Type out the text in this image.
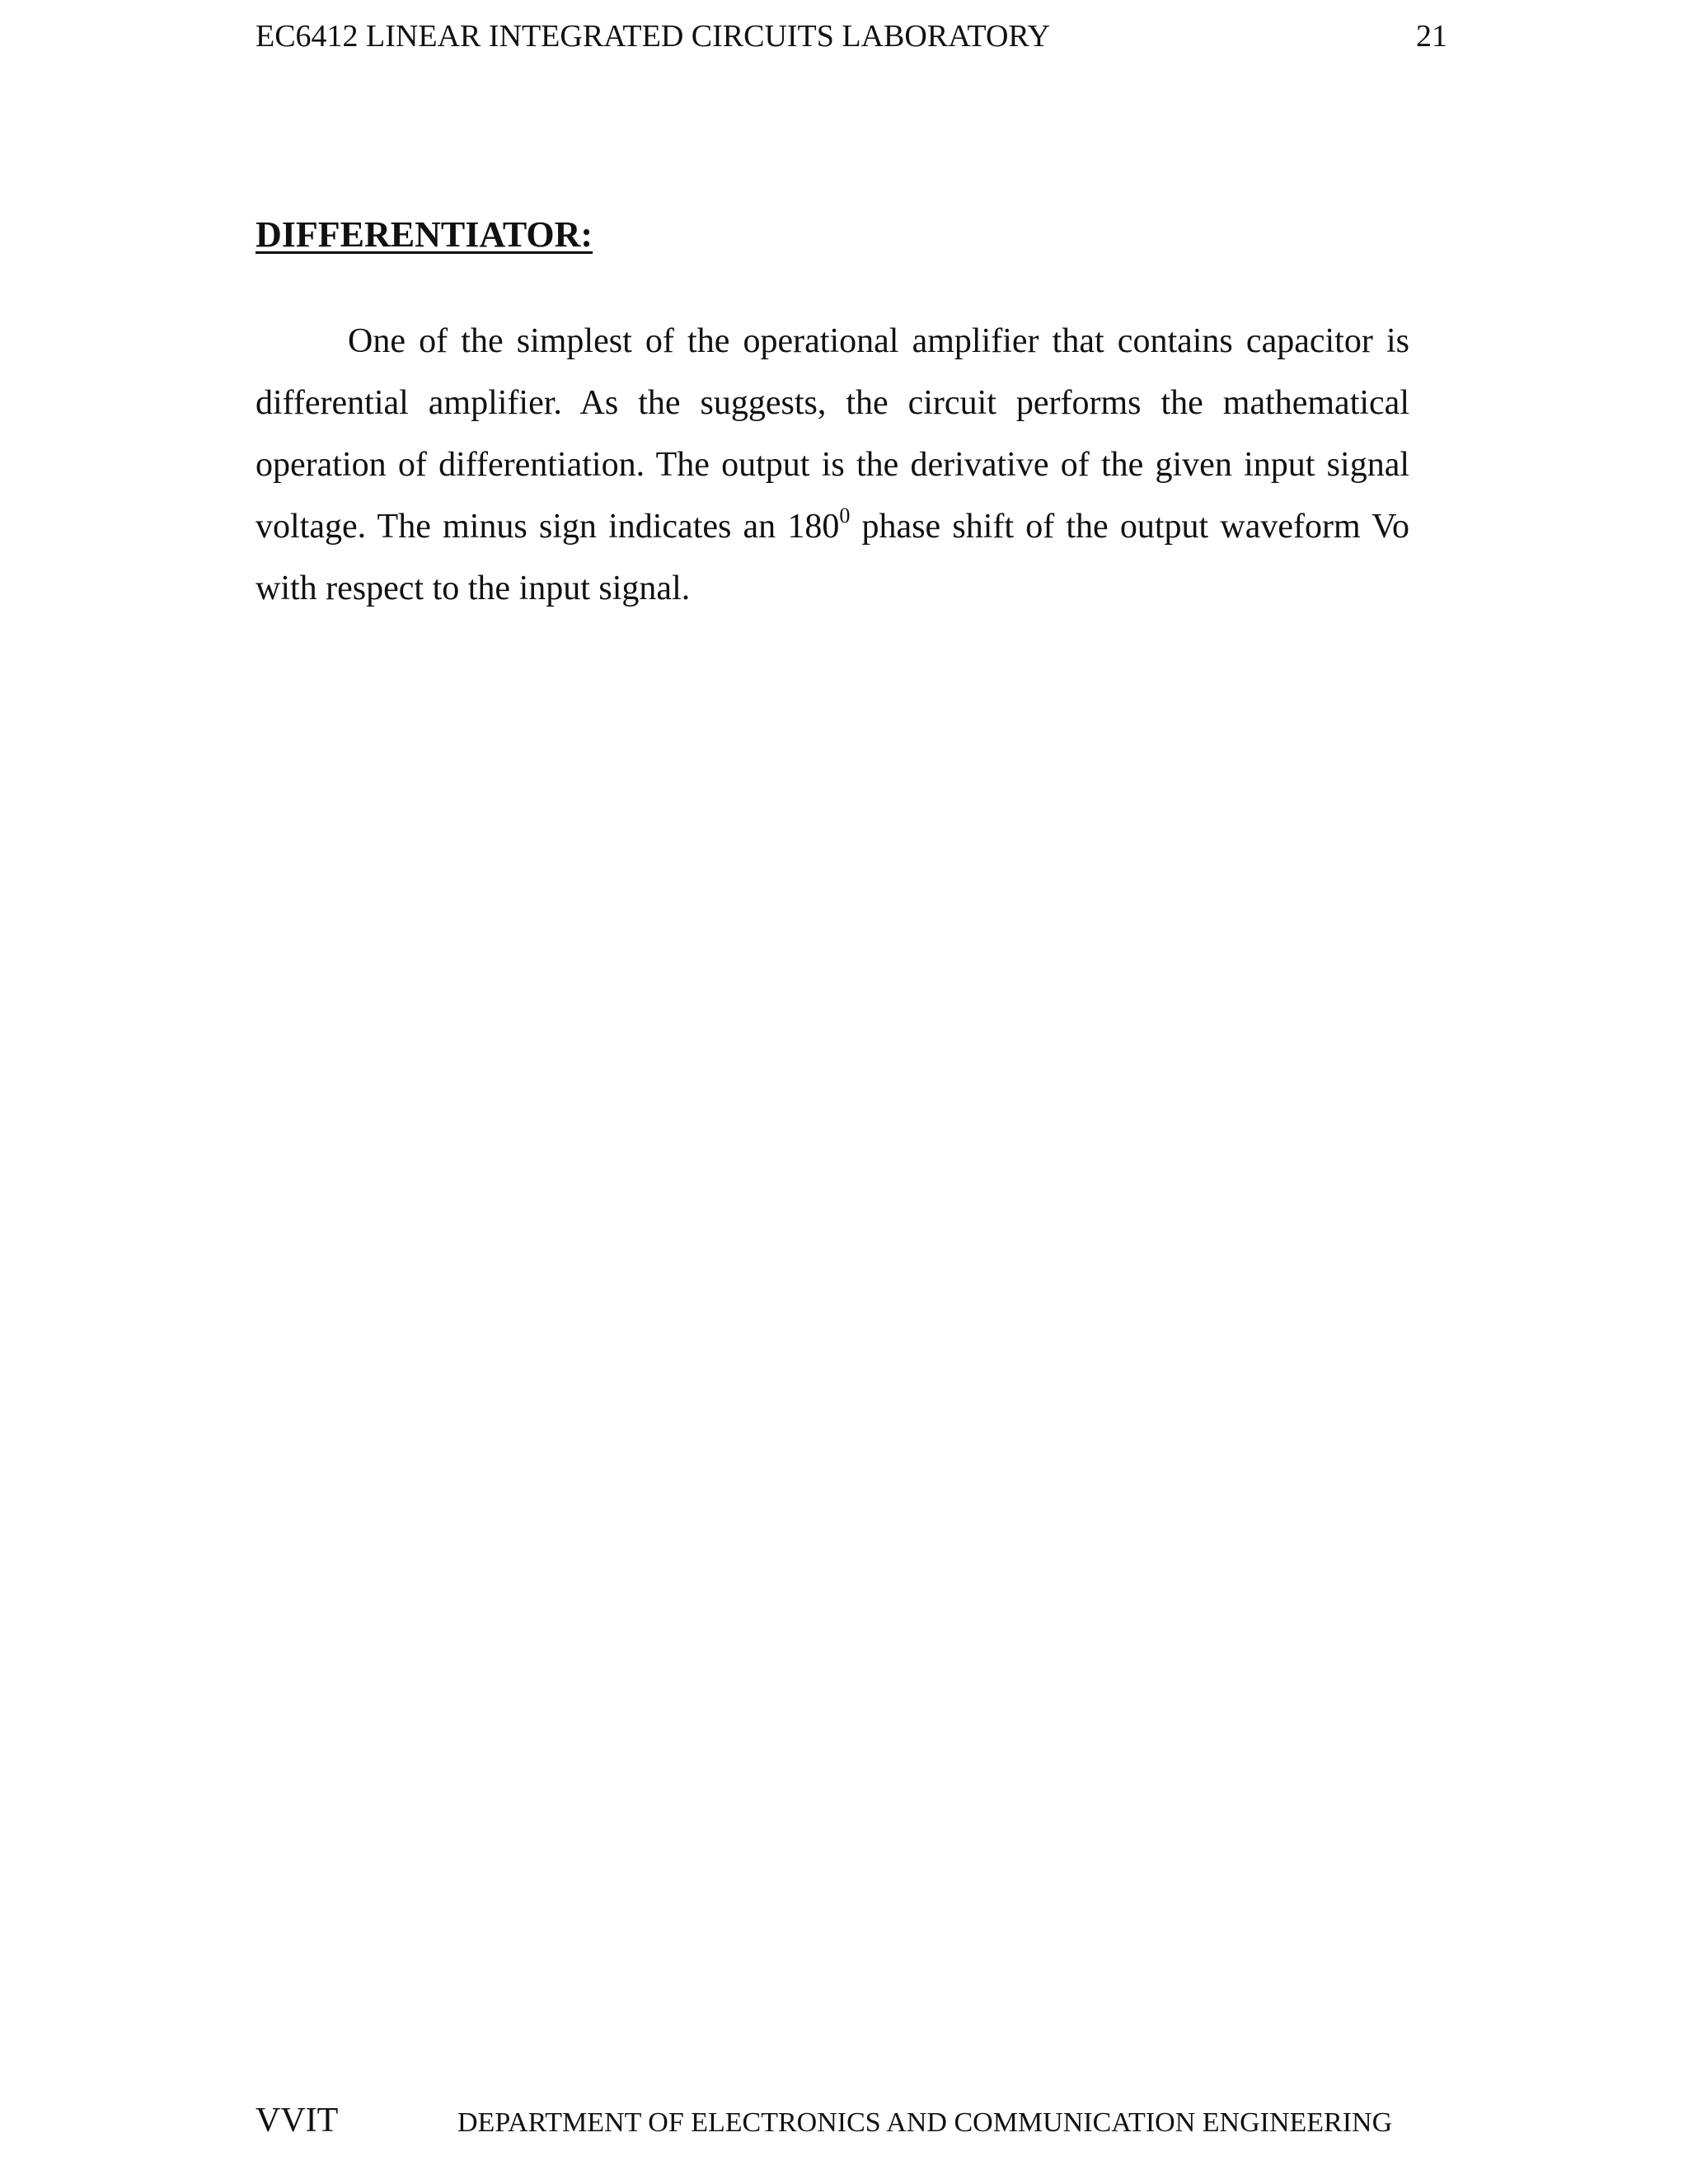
EC6412 LINEAR INTEGRATED CIRCUITS LABORATORY	21
DIFFERENTIATOR:

One of the simplest of the operational amplifier that contains capacitor is differential amplifier. As the suggests, the circuit performs the mathematical operation of differentiation. The output is the derivative of the given input signal voltage. The minus sign indicates an $180^0$ phase shift of the output waveform Vo with respect to the input signal.

VVIT	DEPARTMENT OF ELECTRONICS AND COMMUNICATION ENGINEERING
